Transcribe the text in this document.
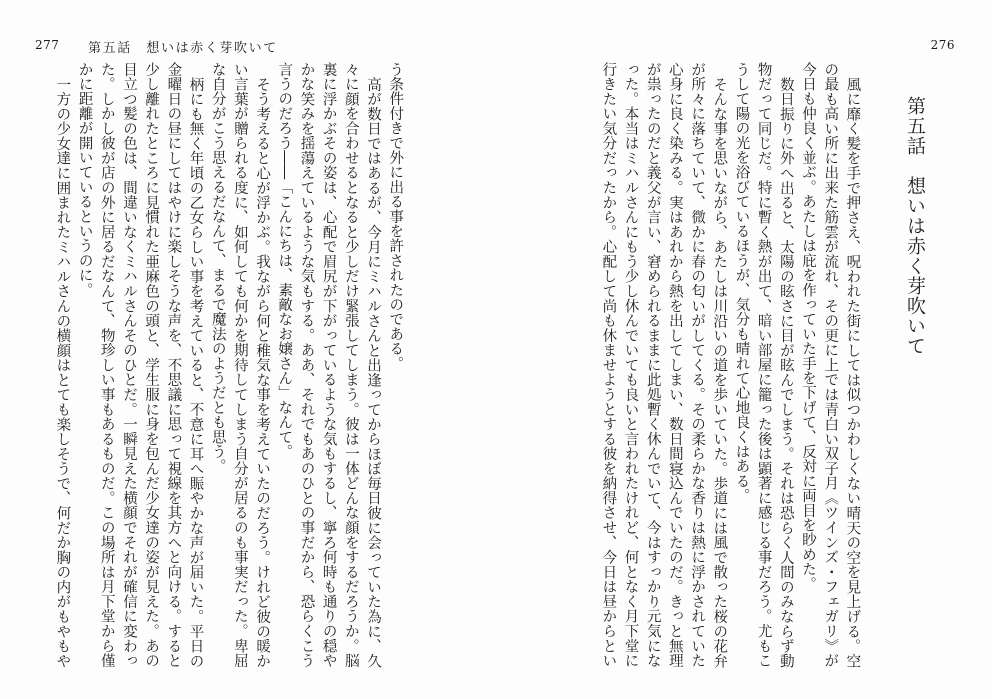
277 第五話　想いは赤く芽吹いて
う条件付きで外に出る事を許されたのである。
高が数日ではあるが、今月にミハルさんと出逢ってからほぼ毎日彼に会っていた為に、久
々に顔を合わせるとなると少しだけ緊張してしまう。彼は一体どんな顔をするだろうか。脳
裏に浮かぶその姿は、心配で眉尻が下がっているような気もするし、寧ろ何時も通りの穏や
かな笑みを揺蕩えているような気もする。ああ、それでもあのひとの事だから、恐らくこう
言うのだろう――「こんにちは、素敵なお嬢さん」なんて。
そう考えると心が浮かぶ。我ながら何と稚気な事を考えていたのだろう。けれど彼の暖か
い言葉が贈られる度に、如何しても何かを期待してしまう自分が居るのも事実だった。卑屈
な自分がこう思えるだなんて、まるで魔法のようだとも思う。
柄にも無く年頃の乙女らしい事を考えていると、不意に耳へ賑やかな声が届いた。平日の
金曜日の昼にしてはやけに楽しそうな声を、不思議に思って視線を其方へと向ける。すると
少し離れたところに見慣れた亜麻色の頭と、学生服に身を包んだ少女達の姿が見えた。あの
目立つ髪の色は、間違いなくミハルさんそのひとだ。一瞬見えた横顔でそれが確信に変わっ
た。しかし彼が店の外に居るだなんて、物珍しい事もあるものだ。この場所は月下堂から僅
かに距離が開いているというのに。
一方の少女達に囲まれたミハルさんの横顔はとても楽しそうで、何だか胸の内がもやもや
276
第五話　想いは赤く芽吹いて
風に靡く髪を手で押さえ、呪われた街にしては似つかわしくない晴天の空を見上げる。空
の最も高い所に出来た筋雲が流れ、その更に上では青白い双子月《ツインズ・フェガリ》が
今日も仲良く並ぶ。あたしは庇を作っていた手を下げて、反対に両目を眇めた。
数日振りに外へ出ると、太陽の眩さに目が眩んでしまう。それは恐らく人間のみならず動
物だって同じだ。特に暫く熱が出て、暗い部屋に籠った後は顕著に感じる事だろう。尤もこ
うして陽の光を浴びているほうが、気分も晴れて心地良くはある。
そんな事を思いながら、あたしは川沿いの道を歩いていた。歩道には風で散った桜の花弁
が所々に落ちていて、微かに春の匂いがしてくる。その柔らかな香りは熱に浮かされていた
心身に良く染みる。実はあれから熱を出してしまい、数日間寝込んでいたのだ。きっと無理
が祟ったのだと義父が言い、窘められるままに此処暫く休んでいて、今はすっかり元気にな
った。本当はミハルさんにもう少し休んでいても良いと言われたけれど、何となく月下堂に
行きたい気分だったから。心配して尚も休ませようとする彼を納得させ、今日は昼からとい
